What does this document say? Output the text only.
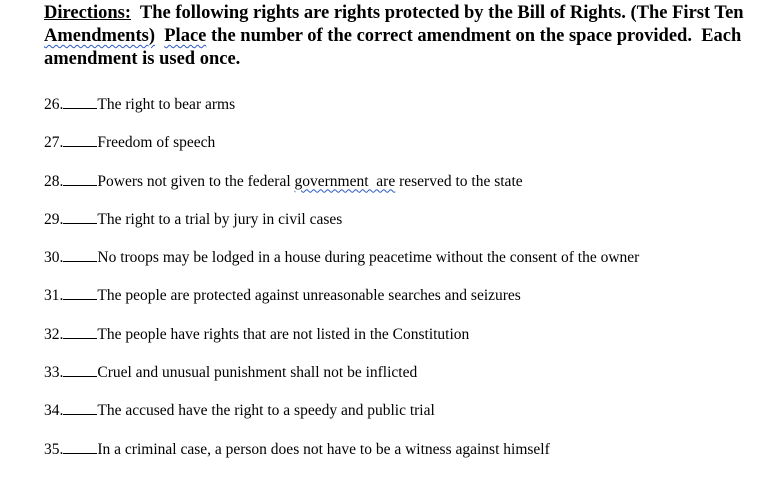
Directions:  The following rights are rights protected by the Bill of Rights. (The First Ten Amendments) Place the number of the correct amendment on the space provided.  Each amendment is used once.
26. The right to bear arms
27. Freedom of speech
28. Powers not given to the federal government  are reserved to the state
29. The right to a trial by jury in civil cases
30. No troops may be lodged in a house during peacetime without the consent of the owner
31. The people are protected against unreasonable searches and seizures
32. The people have rights that are not listed in the Constitution
33. Cruel and unusual punishment shall not be inflicted
34. The accused have the right to a speedy and public trial
35. In a criminal case, a person does not have to be a witness against himself
